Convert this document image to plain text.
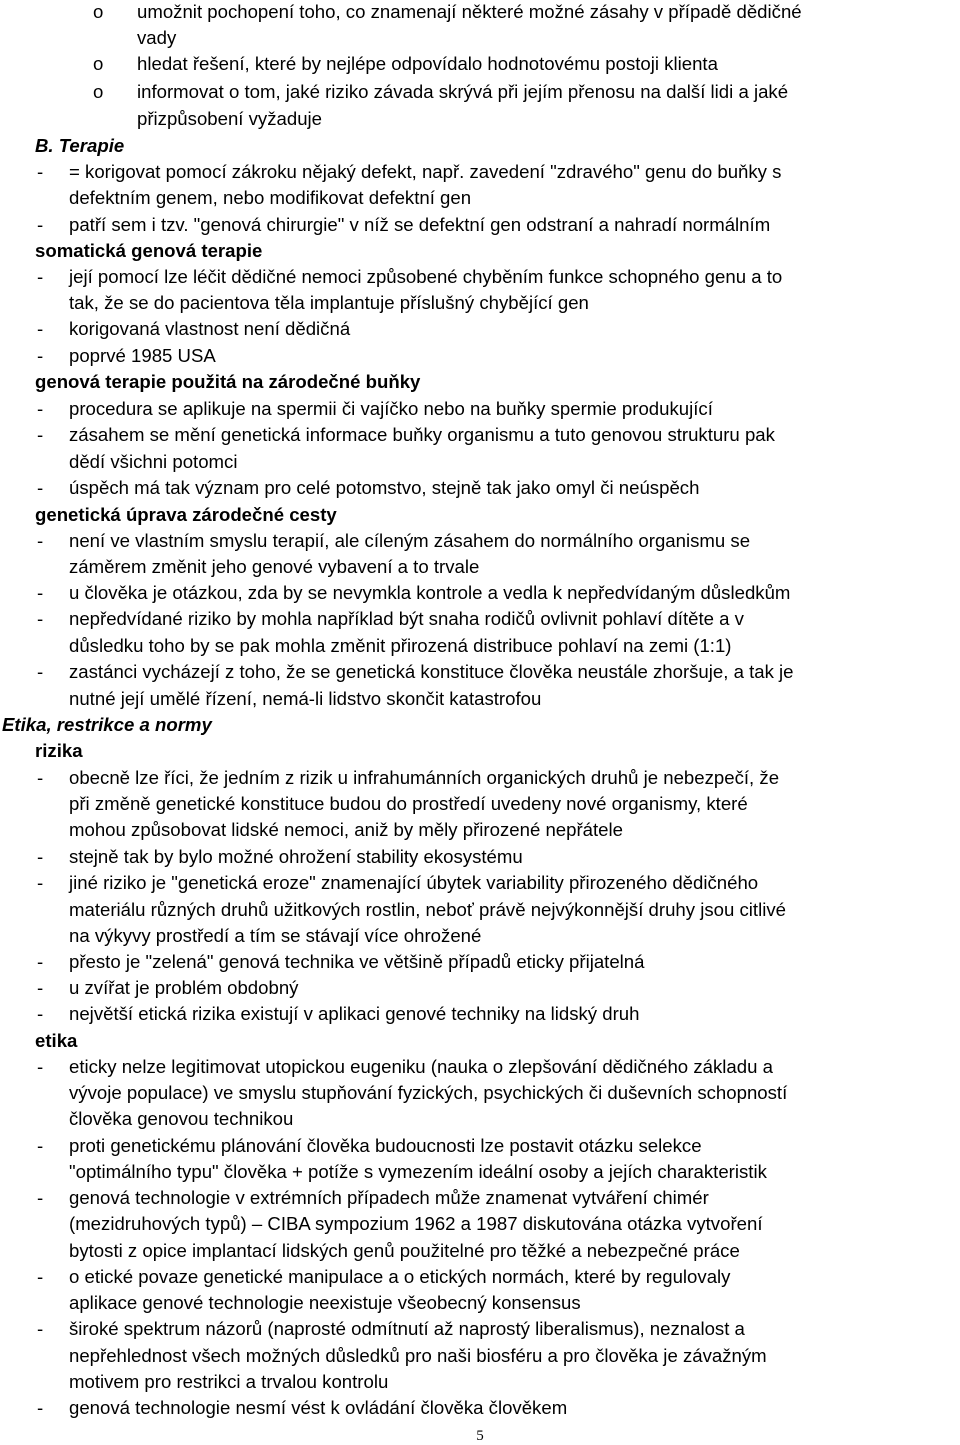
o umožnit pochopení toho, co znamenají některé možné zásahy v případě dědičné
vady
o hledat řešení, které by nejlépe odpovídalo hodnotovému postoji klienta
o informovat o tom, jaké riziko závada skrývá při jejím přenosu na další lidi a jaké
přizpůsobení vyžaduje
B. Terapie
- = korigovat pomocí zákroku nějaký defekt, např. zavedení "zdravého" genu do buňky s
defektním genem, nebo modifikovat defektní gen
- patří sem i tzv. "genová chirurgie" v níž se defektní gen odstraní a nahradí normálním
somatická genová terapie
- její pomocí lze léčit dědičné nemoci způsobené chyběním funkce schopného genu a to
tak, že se do pacientova těla implantuje příslušný chybějící gen
- korigovaná vlastnost není dědičná
- poprvé 1985 USA
genová terapie použitá na zárodečné buňky
- procedura se aplikuje na spermii či vajíčko nebo na buňky spermie produkující
- zásahem se mění genetická informace buňky organismu a tuto genovou strukturu pak
dědí všichni potomci
- úspěch má tak význam pro celé potomstvo, stejně tak jako omyl či neúspěch
genetická úprava zárodečné cesty
- není ve vlastním smyslu terapií, ale cíleným zásahem do normálního organismu se
záměrem změnit jeho genové vybavení a to trvale
- u člověka je otázkou, zda by se nevymkla kontrole a vedla k nepředvídaným důsledkům
- nepředvídané riziko by mohla například být snaha rodičů ovlivnit pohlaví dítěte a v
důsledku toho by se pak mohla změnit přirozená distribuce pohlaví na zemi (1:1)
- zastánci vycházejí z toho, že se genetická konstituce člověka neustále zhoršuje, a tak je
nutné její umělé řízení, nemá-li lidstvo skončit katastrofou
Etika, restrikce a normy
rizika
- obecně lze říci, že jedním z rizik u infrahumánních organických druhů je nebezpečí, že
při změně genetické konstituce budou do prostředí uvedeny nové organismy, které
mohou způsobovat lidské nemoci, aniž by měly přirozené nepřátele
- stejně tak by bylo možné ohrožení stability ekosystému
- jiné riziko je "genetická eroze" znamenající úbytek variability přirozeného dědičného
materiálu různých druhů užitkových rostlin, neboť právě nejvýkonnější druhy jsou citlivé
na výkyvy prostředí a tím se stávají více ohrožené
- přesto je "zelená" genová technika ve většině případů eticky přijatelná
- u zvířat je problém obdobný
- největší etická rizika existují v aplikaci genové techniky na lidský druh
etika
- eticky nelze legitimovat utopickou eugeniku (nauka o zlepšování dědičného základu a
vývoje populace) ve smyslu stupňování fyzických, psychických či duševních schopností
člověka genovou technikou
- proti genetickému plánování člověka budoucnosti lze postavit otázku selekce
"optimálního typu" člověka + potíže s vymezením ideální osoby a jejích charakteristik
- genová technologie v extrémních případech může znamenat vytváření chimér
(mezidruhových typů) – CIBA sympozium 1962 a 1987 diskutována otázka vytvoření
bytosti z opice implantací lidských genů použitelné pro těžké a nebezpečné práce
- o etické povaze genetické manipulace a o etických normách, které by regulovaly
aplikace genové technologie neexistuje všeobecný konsensus
- široké spektrum názorů (naprosté odmítnutí až naprostý liberalismus), neznalost a
nepřehlednost všech možných důsledků pro naši biosféru a pro člověka je závažným
motivem pro restrikci a trvalou kontrolu
- genová technologie nesmí vést k ovládání člověka člověkem
5
